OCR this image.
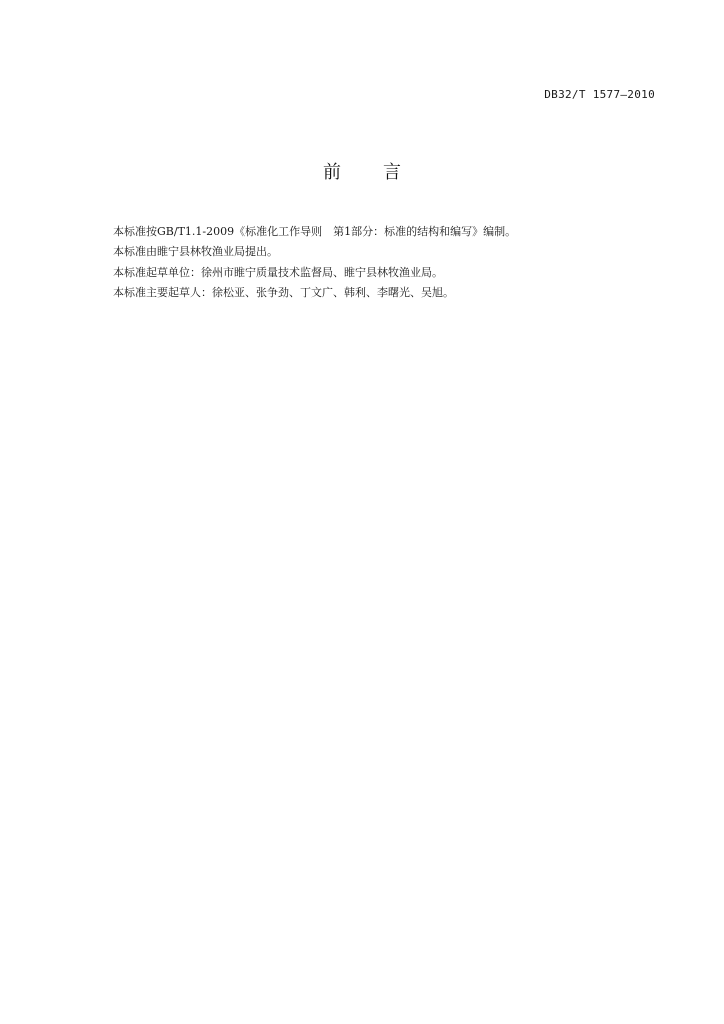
DB32/T 1577—2010
前言

本标准按GB/T1.1-2009《标准化工作导则　第1部分：标准的结构和编写》编制。

本标准由睢宁县林牧渔业局提出。

本标准起草单位：徐州市睢宁质量技术监督局、睢宁县林牧渔业局。

本标准主要起草人：徐松亚、张争劲、丁文广、韩利、李曙光、吴旭。
